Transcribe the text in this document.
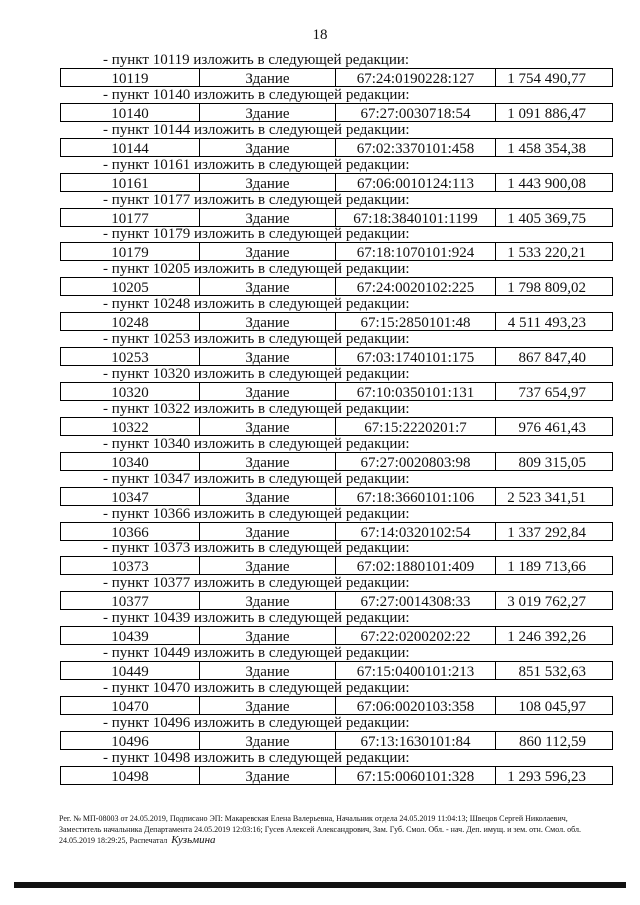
18
- пункт 10119 изложить в следующей редакции:
10119	Здание	67:24:0190228:127	1 754 490,77
- пункт 10140 изложить в следующей редакции:
10140	Здание	67:27:0030718:54	1 091 886,47
- пункт 10144 изложить в следующей редакции:
10144	Здание	67:02:3370101:458	1 458 354,38
- пункт 10161 изложить в следующей редакции:
10161	Здание	67:06:0010124:113	1 443 900,08
- пункт 10177 изложить в следующей редакции:
10177	Здание	67:18:3840101:1199	1 405 369,75
- пункт 10179 изложить в следующей редакции:
10179	Здание	67:18:1070101:924	1 533 220,21
- пункт 10205 изложить в следующей редакции:
10205	Здание	67:24:0020102:225	1 798 809,02
- пункт 10248 изложить в следующей редакции:
10248	Здание	67:15:2850101:48	4 511 493,23
- пункт 10253 изложить в следующей редакции:
10253	Здание	67:03:1740101:175	867 847,40
- пункт 10320 изложить в следующей редакции:
10320	Здание	67:10:0350101:131	737 654,97
- пункт 10322 изложить в следующей редакции:
10322	Здание	67:15:2220201:7	976 461,43
- пункт 10340 изложить в следующей редакции:
10340	Здание	67:27:0020803:98	809 315,05
- пункт 10347 изложить в следующей редакции:
10347	Здание	67:18:3660101:106	2 523 341,51
- пункт 10366 изложить в следующей редакции:
10366	Здание	67:14:0320102:54	1 337 292,84
- пункт 10373 изложить в следующей редакции:
10373	Здание	67:02:1880101:409	1 189 713,66
- пункт 10377 изложить в следующей редакции:
10377	Здание	67:27:0014308:33	3 019 762,27
- пункт 10439 изложить в следующей редакции:
10439	Здание	67:22:0200202:22	1 246 392,26
- пункт 10449 изложить в следующей редакции:
10449	Здание	67:15:0400101:213	851 532,63
- пункт 10470 изложить в следующей редакции:
10470	Здание	67:06:0020103:358	108 045,97
- пункт 10496 изложить в следующей редакции:
10496	Здание	67:13:1630101:84	860 112,59
- пункт 10498 изложить в следующей редакции:
10498	Здание	67:15:0060101:328	1 293 596,23
Рег. № МП-08003 от 24.05.2019, Подписано ЭП: Макаревская Елена Валерьевна, Начальник отдела 24.05.2019 11:04:13; Швецов Сергей Николаевич, Заместитель начальника Департамента 24.05.2019 12:03:16; Гусев Алексей Александрович, Зам. Губ. Смол. Обл. - нач. Деп. имущ. и зем. отн. Смол. обл. 24.05.2019 18:29:25, Распечатал Кузьмина
